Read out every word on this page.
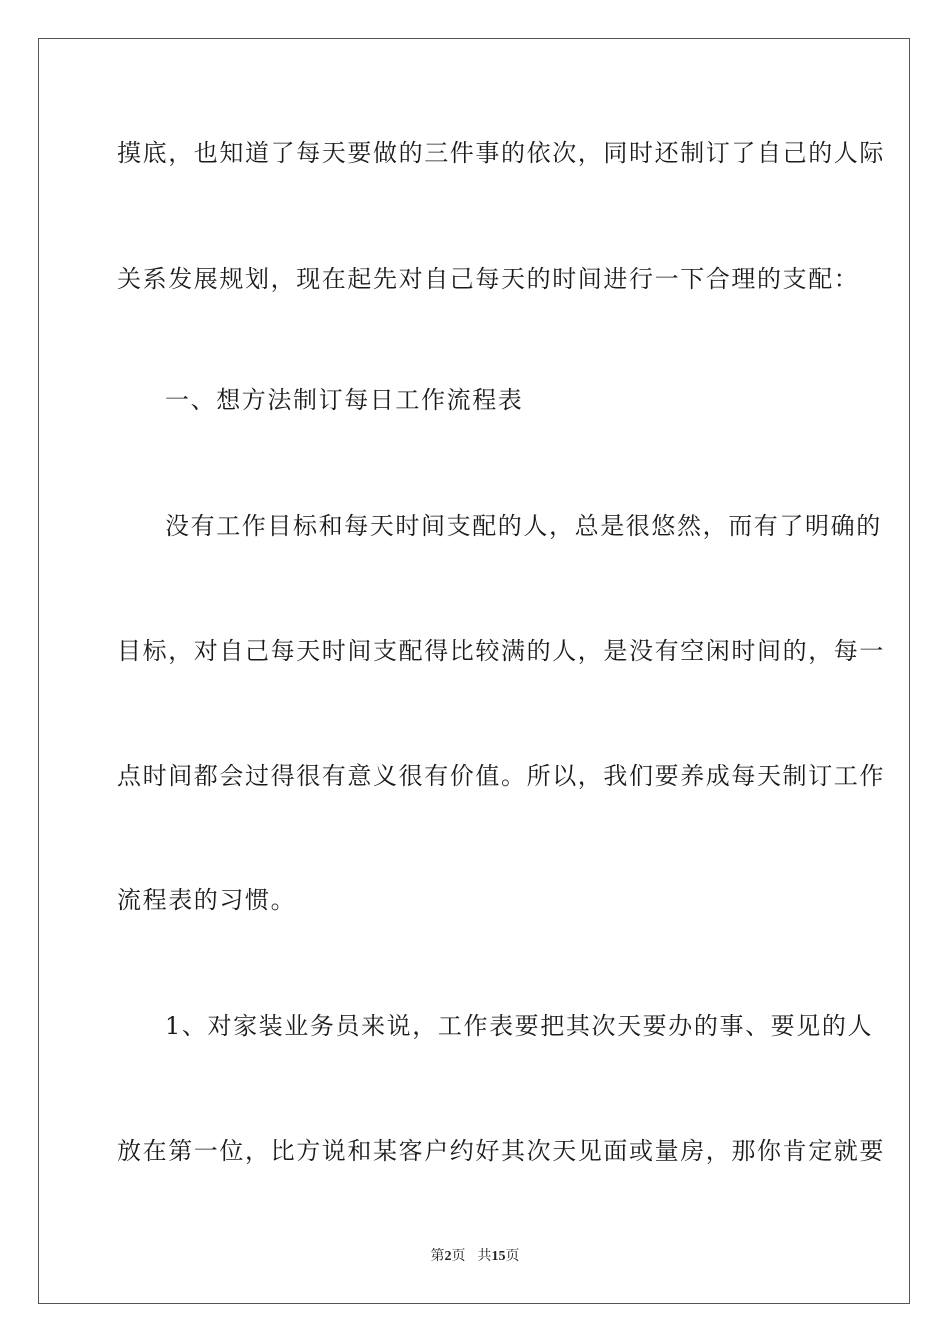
摸底，也知道了每天要做的三件事的依次，同时还制订了自己的人际
关系发展规划，现在起先对自己每天的时间进行一下合理的支配：
一、想方法制订每日工作流程表
没有工作目标和每天时间支配的人，总是很悠然，而有了明确的
目标，对自己每天时间支配得比较满的人，是没有空闲时间的，每一
点时间都会过得很有意义很有价值。所以，我们要养成每天制订工作
流程表的习惯。
1、对家装业务员来说，工作表要把其次天要办的事、要见的人
放在第一位，比方说和某客户约好其次天见面或量房，那你肯定就要
第2页 共15页
